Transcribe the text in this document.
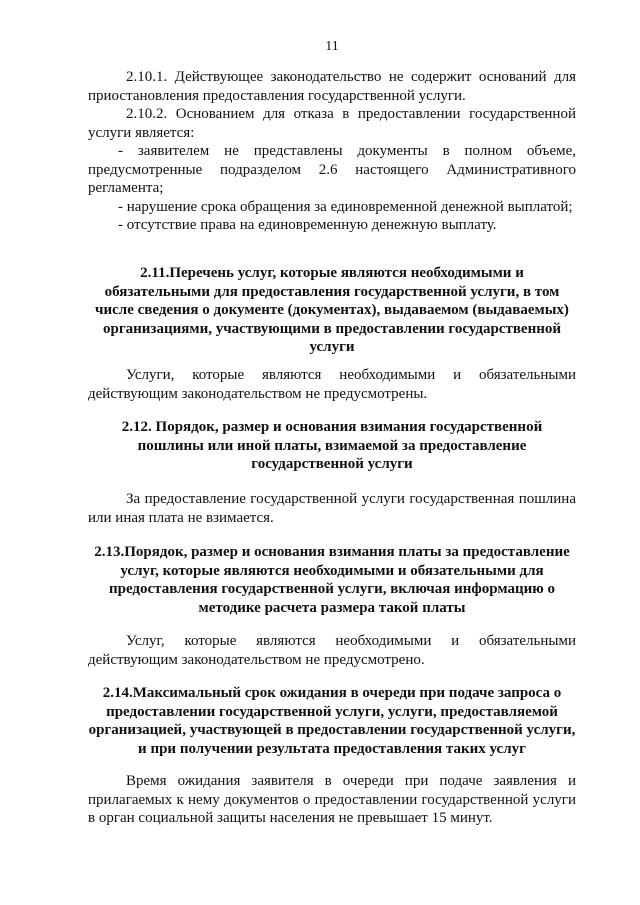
11

2.10.1. Действующее законодательство не содержит оснований для приостановления предоставления государственной услуги.

2.10.2. Основанием для отказа в предоставлении государственной услуги является:

- заявителем не представлены документы в полном объеме, предусмотренные подразделом 2.6 настоящего Административного регламента;

- нарушение срока обращения за единовременной денежной выплатой;

- отсутствие права на единовременную денежную выплату.

2.11.Перечень услуг, которые являются необходимыми и обязательными для предоставления государственной услуги, в том числе сведения о документе (документах), выдаваемом (выдаваемых) организациями, участвующими в предоставлении государственной услуги

Услуги, которые являются необходимыми и обязательными действующим законодательством не предусмотрены.

2.12. Порядок, размер и основания взимания государственной пошлины или иной платы, взимаемой за предоставление государственной услуги

За предоставление государственной услуги государственная пошлина или иная плата не взимается.

2.13.Порядок, размер и основания взимания платы за предоставление услуг, которые являются необходимыми и обязательными для предоставления государственной услуги, включая информацию о методике расчета размера такой платы

Услуг, которые являются необходимыми и обязательными действующим законодательством не предусмотрено.

2.14.Максимальный срок ожидания в очереди при подаче запроса о предоставлении государственной услуги, услуги, предоставляемой организацией, участвующей в предоставлении государственной услуги, и при получении результата предоставления таких услуг

Время ожидания заявителя в очереди при подаче заявления и прилагаемых к нему документов о предоставлении государственной услуги в орган социальной защиты населения не превышает 15 минут.
